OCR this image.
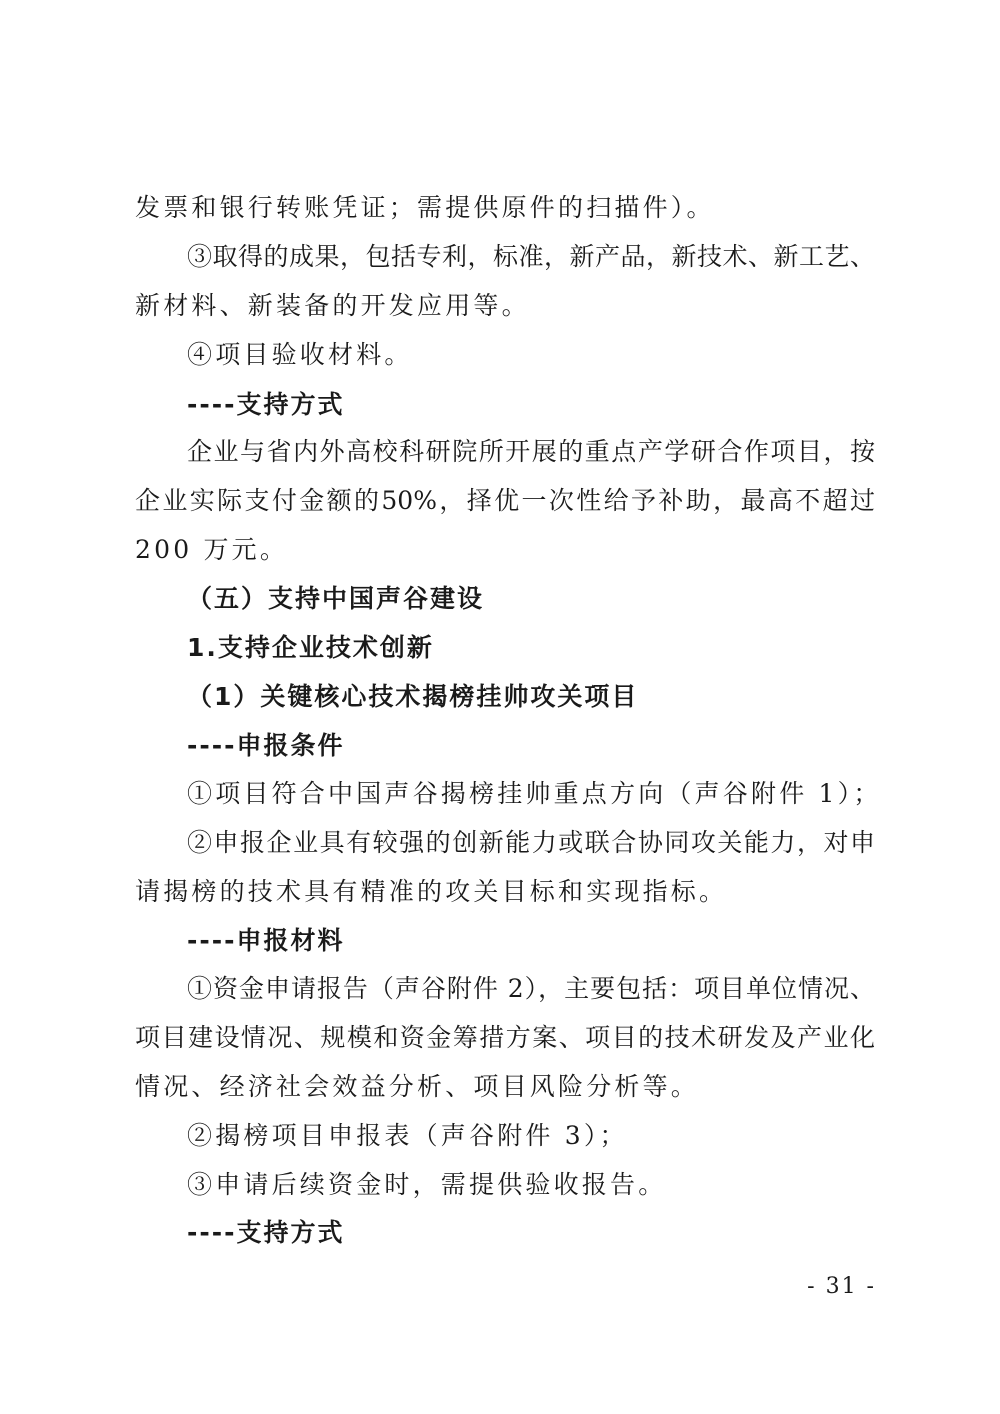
发票和银行转账凭证；需提供原件的扫描件）。
③取得的成果，包括专利，标准，新产品，新技术、新工艺、
新材料、新装备的开发应用等。
④项目验收材料。
----支持方式
企业与省内外高校科研院所开展的重点产学研合作项目，按
企业实际支付金额的50%，择优一次性给予补助，最高不超过
200 万元。
（五）支持中国声谷建设
1.支持企业技术创新
（1）关键核心技术揭榜挂帅攻关项目
----申报条件
①项目符合中国声谷揭榜挂帅重点方向（声谷附件 1）；
②申报企业具有较强的创新能力或联合协同攻关能力，对申
请揭榜的技术具有精准的攻关目标和实现指标。
----申报材料
①资金申请报告（声谷附件 2），主要包括：项目单位情况、
项目建设情况、规模和资金筹措方案、项目的技术研发及产业化
情况、经济社会效益分析、项目风险分析等。
②揭榜项目申报表（声谷附件 3）；
③申请后续资金时，需提供验收报告。
----支持方式
- 31 -
